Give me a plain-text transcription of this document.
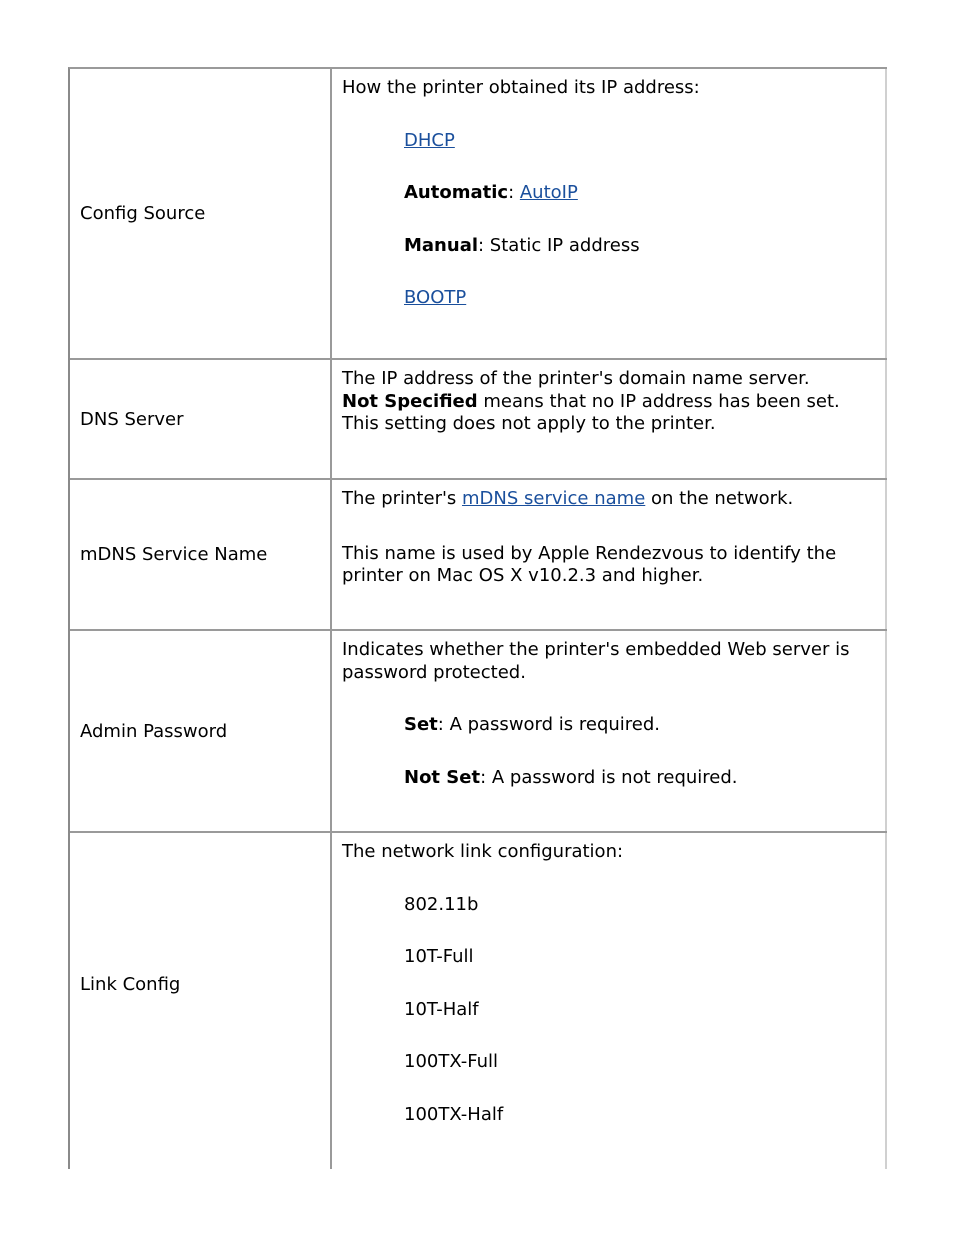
Config Source

How the printer obtained its IP address:

DHCP

Automatic: AutoIP

Manual: Static IP address

BOOTP

DNS Server
The IP address of the printer's domain name server.
Not Specified means that no IP address has been set.
This setting does not apply to the printer.
mDNS Service Name

The printer's mDNS service name on the network.

This name is used by Apple Rendezvous to identify the printer on Mac OS X v10.2.3 and higher.

Admin Password

Indicates whether the printer's embedded Web server is password protected.

Set: A password is required.

Not Set: A password is not required.

Link Config

The network link configuration:

802.11b

10T-Full

10T-Half

100TX-Full

100TX-Half
